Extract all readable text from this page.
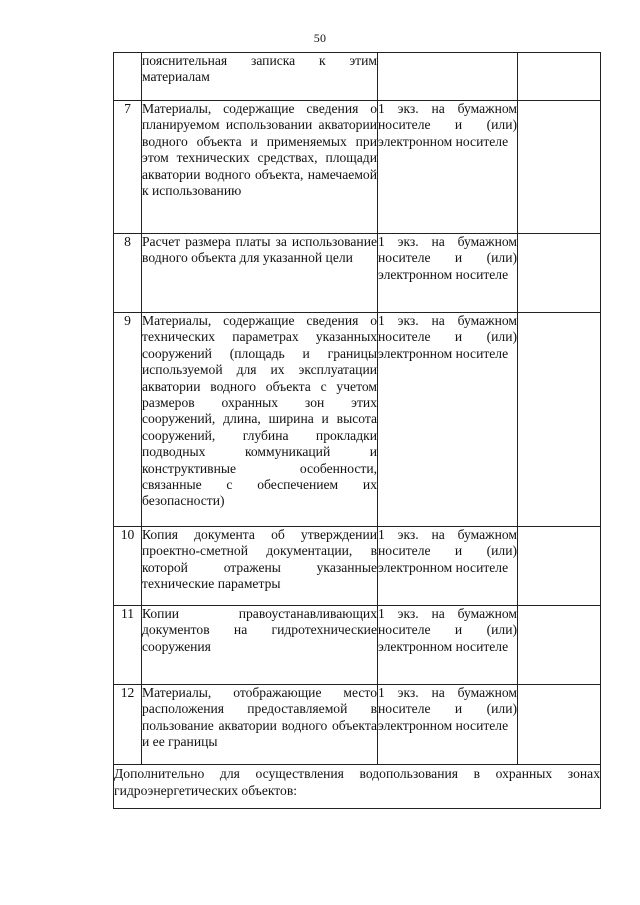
50
	пояснительная записка к этим материалам		
7	Материалы, содержащие сведения о планируемом использовании акватории водного объекта и применяемых при этом технических средствах, площади акватории водного объекта, намечаемой к использованию	1 экз. на бумажном носителе и (или) электронном носителе	
8	Расчет размера платы за использование водного объекта для указанной цели	1 экз. на бумажном носителе и (или) электронном носителе	
9	Материалы, содержащие сведения о технических параметрах указанных сооружений (площадь и границы используемой для их эксплуатации акватории водного объекта с учетом размеров охранных зон этих сооружений, длина, ширина и высота сооружений, глубина прокладки подводных коммуникаций и конструктивные особенности, связанные с обеспечением их безопасности)	1 экз. на бумажном носителе и (или) электронном носителе	
10	Копия документа об утверждении проектно-сметной документации, в которой отражены указанные технические параметры	1 экз. на бумажном носителе и (или) электронном носителе	
11	Копии правоустанавливающих документов на гидротехнические сооружения	1 экз. на бумажном носителе и (или) электронном носителе	
12	Материалы, отображающие место расположения предоставляемой в пользование акватории водного объекта и ее границы	1 экз. на бумажном носителе и (или) электронном носителе	
Дополнительно для осуществления водопользования в охранных зонах гидроэнергетических объектов:			
